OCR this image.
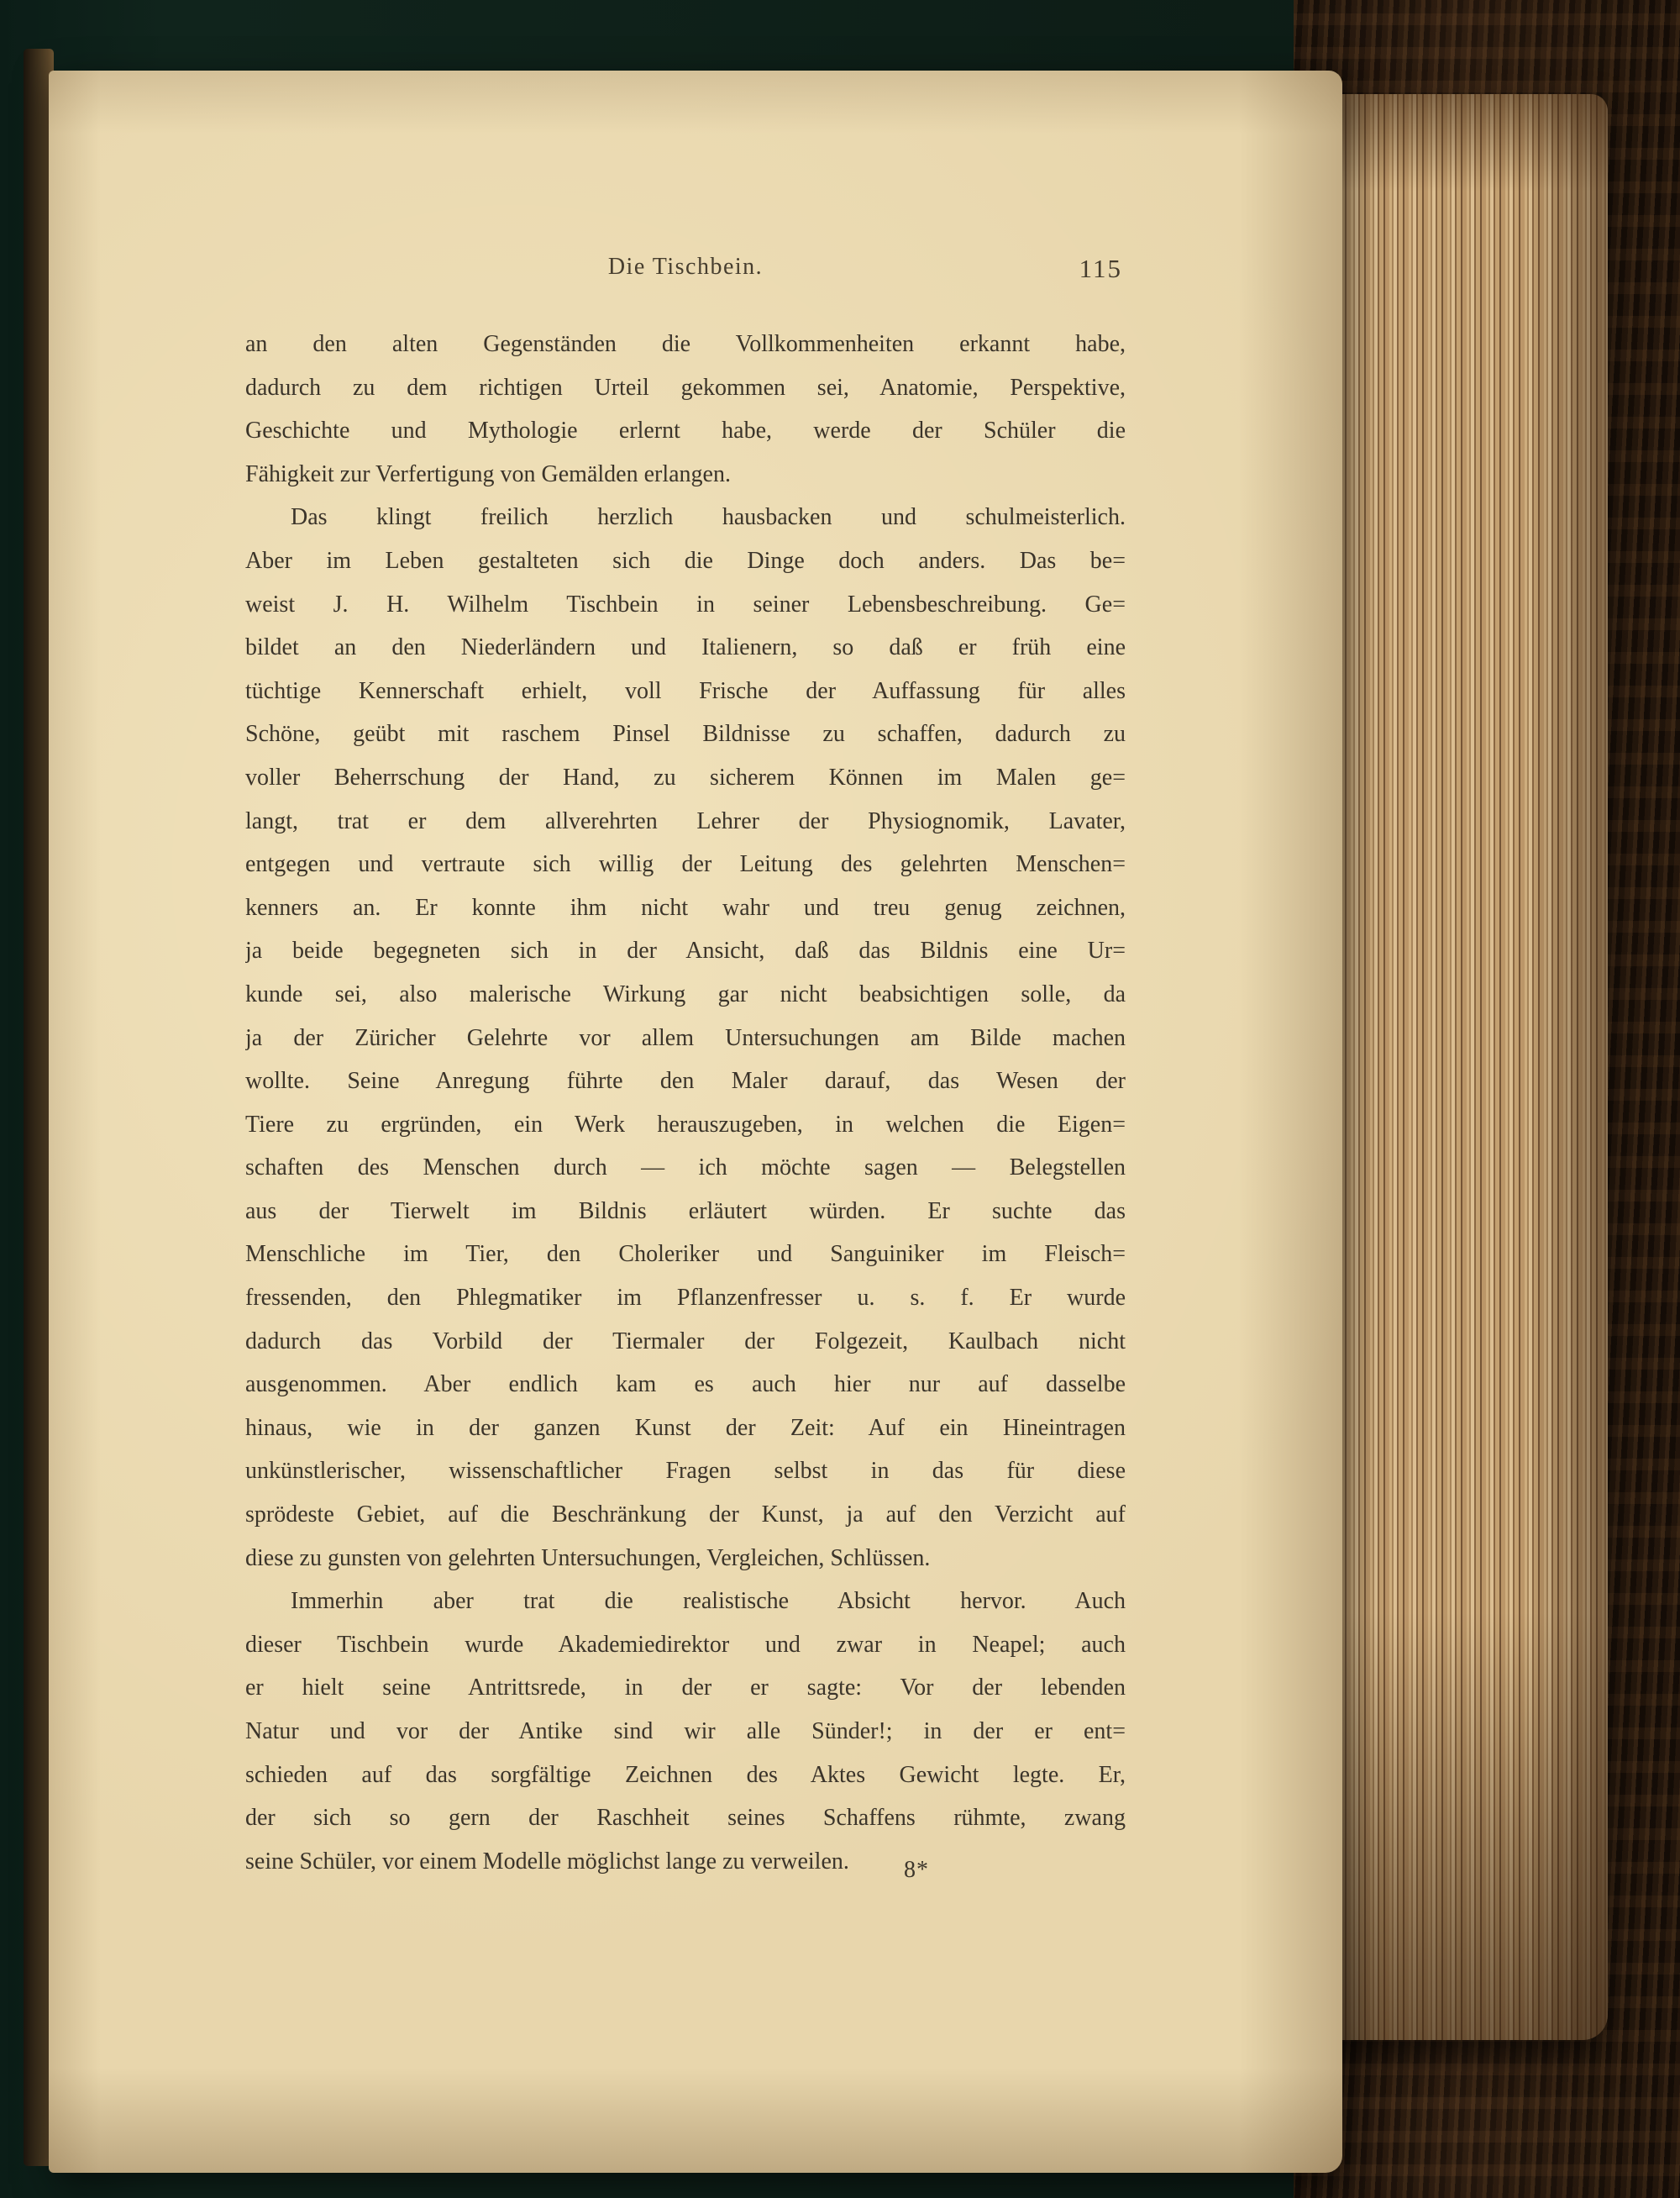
Die Tischbein.	115
an den alten Gegenständen die Vollkommenheiten erkannt habe,
dadurch zu dem richtigen Urteil gekommen sei, Anatomie, Perspektive,
Geschichte und Mythologie erlernt habe, werde der Schüler die
Fähigkeit zur Verfertigung von Gemälden erlangen.
Das klingt freilich herzlich hausbacken und schulmeisterlich.
Aber im Leben gestalteten sich die Dinge doch anders. Das be=
weist J. H. Wilhelm Tischbein in seiner Lebensbeschreibung. Ge=
bildet an den Niederländern und Italienern, so daß er früh eine
tüchtige Kennerschaft erhielt, voll Frische der Auffassung für alles
Schöne, geübt mit raschem Pinsel Bildnisse zu schaffen, dadurch zu
voller Beherrschung der Hand, zu sicherem Können im Malen ge=
langt, trat er dem allverehrten Lehrer der Physiognomik, Lavater,
entgegen und vertraute sich willig der Leitung des gelehrten Menschen=
kenners an. Er konnte ihm nicht wahr und treu genug zeichnen,
ja beide begegneten sich in der Ansicht, daß das Bildnis eine Ur=
kunde sei, also malerische Wirkung gar nicht beabsichtigen solle, da
ja der Züricher Gelehrte vor allem Untersuchungen am Bilde machen
wollte. Seine Anregung führte den Maler darauf, das Wesen der
Tiere zu ergründen, ein Werk herauszugeben, in welchen die Eigen=
schaften des Menschen durch — ich möchte sagen — Belegstellen
aus der Tierwelt im Bildnis erläutert würden. Er suchte das
Menschliche im Tier, den Choleriker und Sanguiniker im Fleisch=
fressenden, den Phlegmatiker im Pflanzenfresser u. s. f. Er wurde
dadurch das Vorbild der Tiermaler der Folgezeit, Kaulbach nicht
ausgenommen. Aber endlich kam es auch hier nur auf dasselbe
hinaus, wie in der ganzen Kunst der Zeit: Auf ein Hineintragen
unkünstlerischer, wissenschaftlicher Fragen selbst in das für diese
sprödeste Gebiet, auf die Beschränkung der Kunst, ja auf den Verzicht auf
diese zu gunsten von gelehrten Untersuchungen, Vergleichen, Schlüssen.
Immerhin aber trat die realistische Absicht hervor. Auch
dieser Tischbein wurde Akademiedirektor und zwar in Neapel; auch
er hielt seine Antrittsrede, in der er sagte: Vor der lebenden
Natur und vor der Antike sind wir alle Sünder!; in der er ent=
schieden auf das sorgfältige Zeichnen des Aktes Gewicht legte. Er,
der sich so gern der Raschheit seines Schaffens rühmte, zwang
seine Schüler, vor einem Modelle möglichst lange zu verweilen.	8*
